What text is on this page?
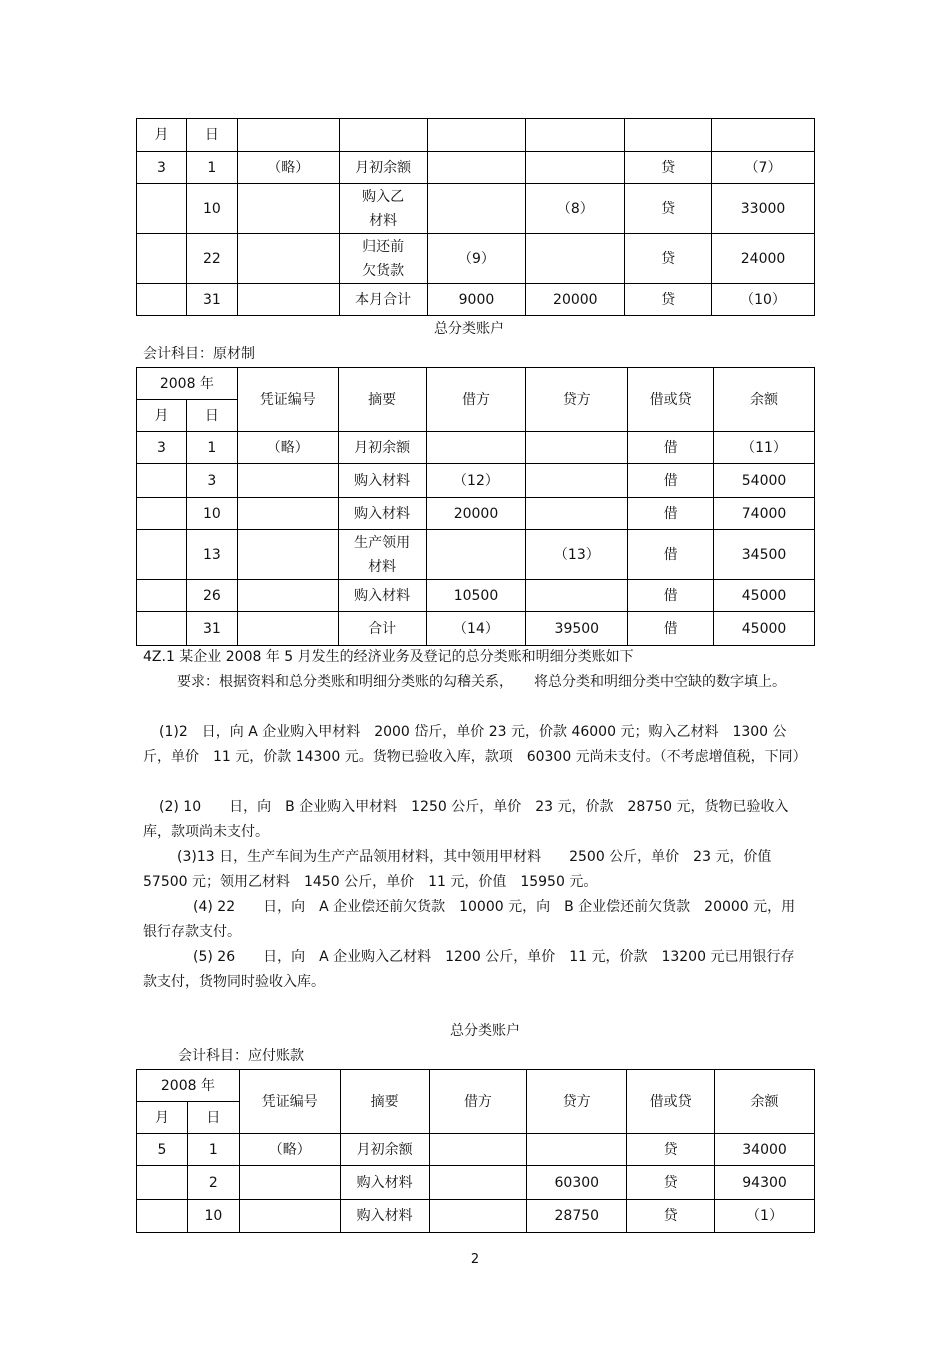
月	日						
3	1	（略）	月初余额			贷	（7）
	10		购入乙材料		（8）	贷	33000
	22		归还前欠货款	（9）		贷	24000
	31		本月合计	9000	20000	贷	（10）
总分类账户
会计科目：原材制
2008 年		凭证编号	摘要	借方	贷方	借或贷	余额
月	日						
3	1	（略）	月初余额			借	（11）
	3		购入材料	（12）		借	54000
	10		购入材料	20000		借	74000
	13		生产领用材料		（13）	借	34500
	26		购入材料	10500		借	45000
	31		合计	（14）	39500	借	45000
4Z.1 某企业 2008 年 5 月发生的经济业务及登记的总分类账和明细分类账如下
要求：根据资料和总分类账和明细分类账的勾稽关系，　　将总分类和明细分类中空缺的数字填上。
(1)2　日，向 A 企业购入甲材料　2000 岱斤，单价 23 元，价款 46000 元；购入乙材料　1300 公斤，单价　11 元，价款 14300 元。货物已验收入库，款项　60300 元尚未支付。（不考虑增值税，下同）
(2) 10　　日，向　B 企业购入甲材料　1250 公斤，单价　23 元，价款　28750 元，货物已验收入库，款项尚未支付。
(3)13 日，生产车间为生产产品领用材料，其中领用甲材料　　2500 公斤，单价　23 元，价值 57500 元；领用乙材料　1450 公斤，单价　11 元，价值　15950 元。
(4) 22　　日，向　A 企业偿还前欠货款　10000 元，向　B 企业偿还前欠货款　20000 元，用银行存款支付。
(5) 26　　日，向　A 企业购入乙材料　1200 公斤，单价　11 元，价款　13200 元已用银行存款支付，货物同时验收入库。
总分类账户
会计科目：应付账款
2008 年		凭证编号	摘要	借方	贷方	借或贷	余额
月	日						
5	1	（略）	月初余额			贷	34000
	2		购入材料		60300	贷	94300
	10		购入材料		28750	贷	（1）
2
